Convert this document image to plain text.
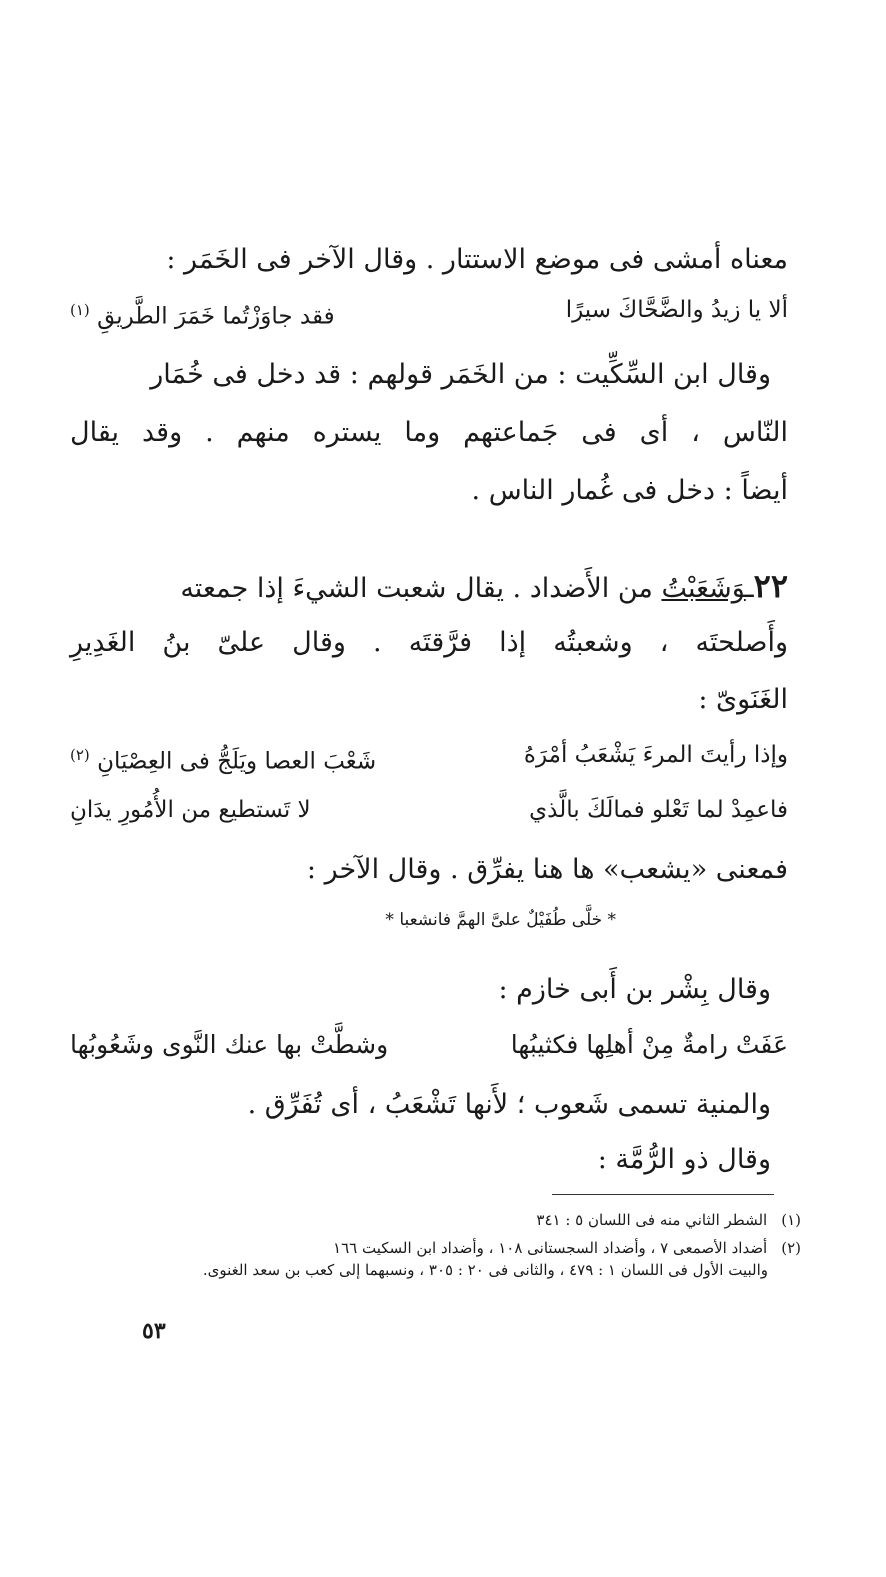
معناه أمشى فى موضع الاستتار . وقال الآخر فى الخَمَر :
ألا يا زيدُ والضَّحَّاكَ سيرًا
فقد جاوَزْتُما خَمَرَ الطَّريقِ $^{(١)}$
وقال ابن السِّكِّيت : من الخَمَر قولهم : قد دخل فى خُمَار
النّاس ، أى فى جَماعتهم وما يستره منهم . وقد يقال
أيضاً : دخل فى غُمار الناس .
٢٢ـوَشَعَبْتُ من الأَضداد . يقال شعبت الشيءَ إذا جمعته
وأَصلحتَه ، وشعبتُه إذا فرَّقتَه . وقال علىّ بنُ الغَدِيرِ
الغَنَوىّ :
وإذا رأيتَ المرءَ يَشْعَبُ أمْرَهُ
شَعْبَ العصا ويَلَجُّ فى العِصْيَانِ $^{(٢)}$
فاعمِدْ لما تَعْلو فمالَكَ بالَّذي
لا تَستطيع من الأُمُورِ يدَانِ
فمعنى «يشعب» ها هنا يفرِّق . وقال الآخر :
* خلَّى طُفَيْلٌ علىَّ الهمَّ فانشعبا *
وقال بِشْر بن أَبى خازم :
عَفَتْ رامةٌ مِنْ أهلِها فكثيبُها
وشطَّتْ بها عنك النَّوى وشَعُوبُها
والمنية تسمى شَعوب ؛ لأَنها تَشْعَبُ ، أى تُفَرِّق .
وقال ذو الرُّمَّة :
(١)الشطر الثاني منه فى اللسان ٥ : ٣٤١
(٢)أضداد الأصمعى ٧ ، وأضداد السجستانى ١٠٨ ، وأضداد ابن السكيت ١٦٦
والبيت الأول فى اللسان ١ : ٤٧٩ ، والثانى فى ٢٠ : ٣٠٥ ، ونسبهما إلى كعب بن سعد الغنوى.
٥٣
